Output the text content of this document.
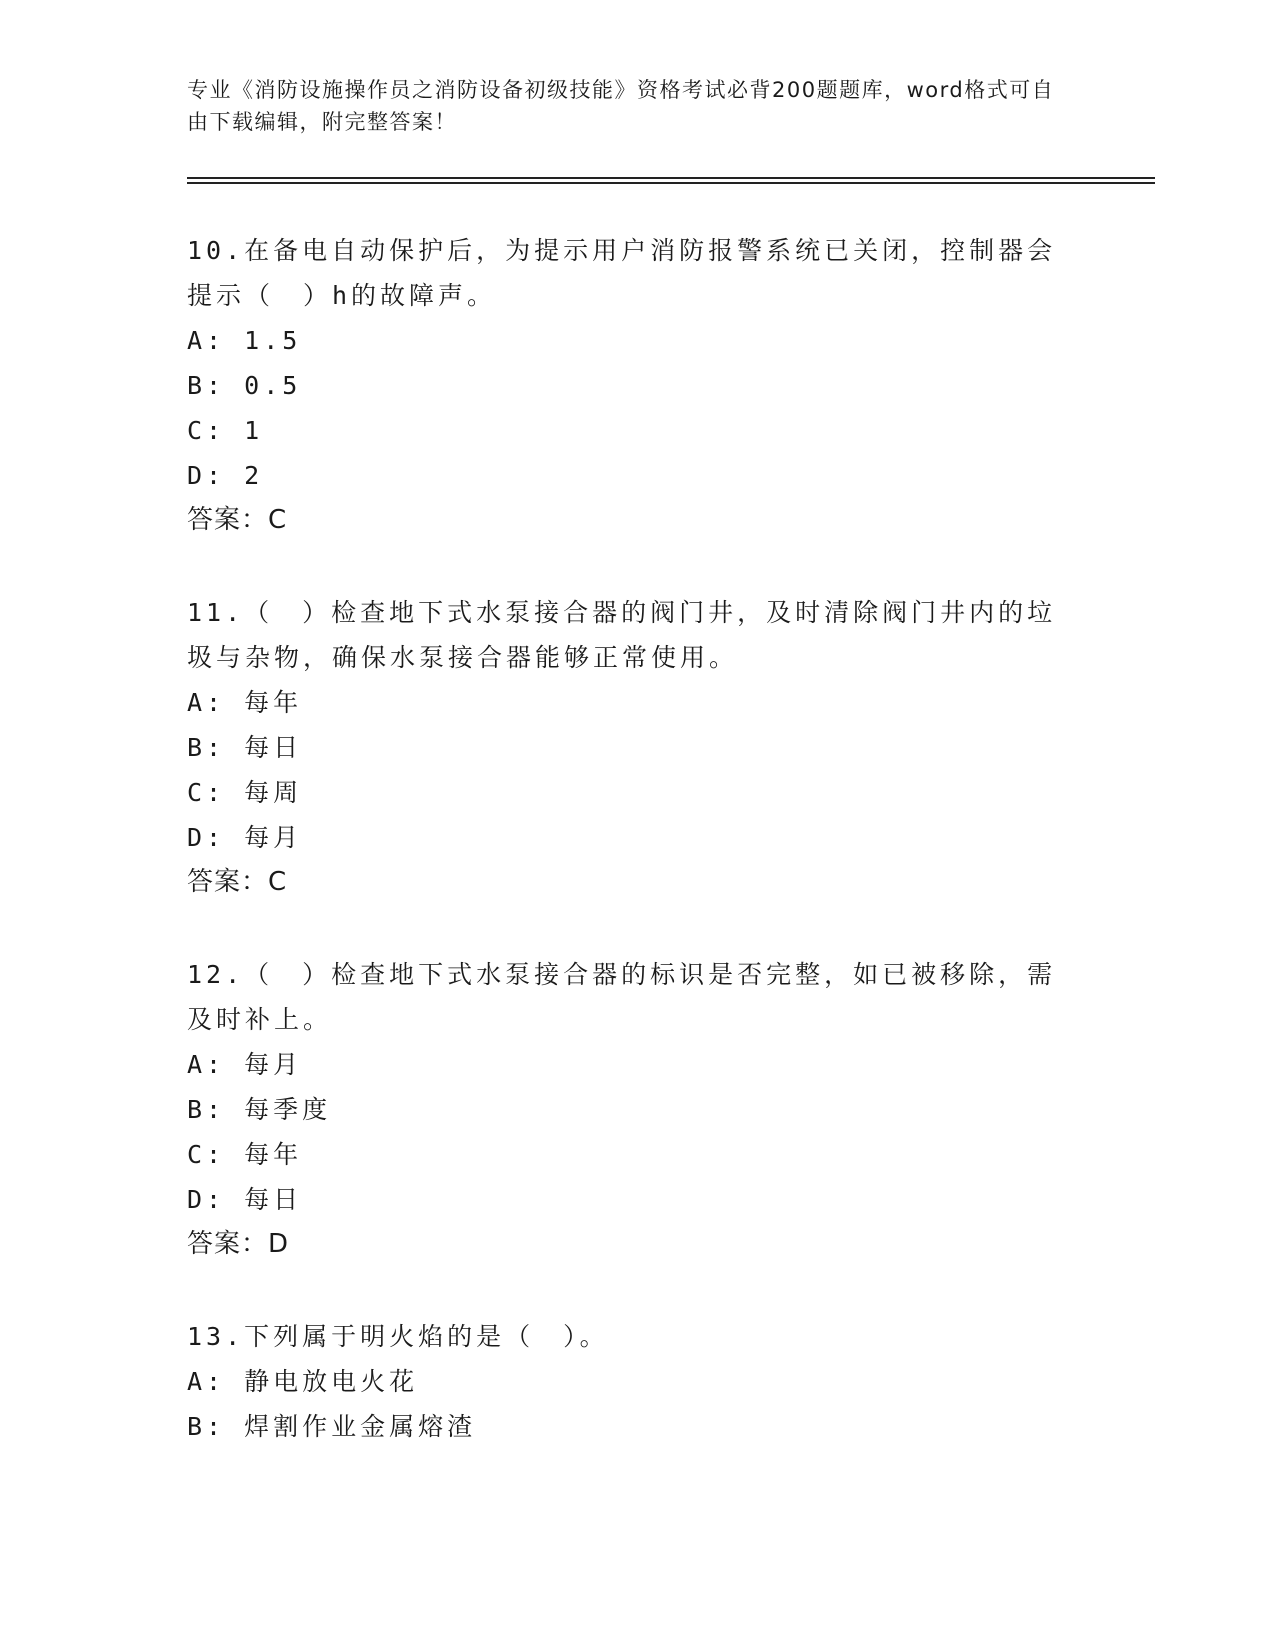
专业《消防设施操作员之消防设备初级技能》资格考试必背200题题库，word格式可自由下载编辑，附完整答案！

10.在备电自动保护后，为提示用户消防报警系统已关闭，控制器会提示（　）h的故障声。

A: 1.5
B: 0.5
C: 1
D: 2
答案：C

11.（　）检查地下式水泵接合器的阀门井，及时清除阀门井内的垃圾与杂物，确保水泵接合器能够正常使用。

A: 每年
B: 每日
C: 每周
D: 每月
答案：C

12.（　）检查地下式水泵接合器的标识是否完整，如已被移除，需及时补上。

A: 每月
B: 每季度
C: 每年
D: 每日
答案：D

13.下列属于明火焰的是（　）。

A: 静电放电火花
B: 焊割作业金属熔渣
